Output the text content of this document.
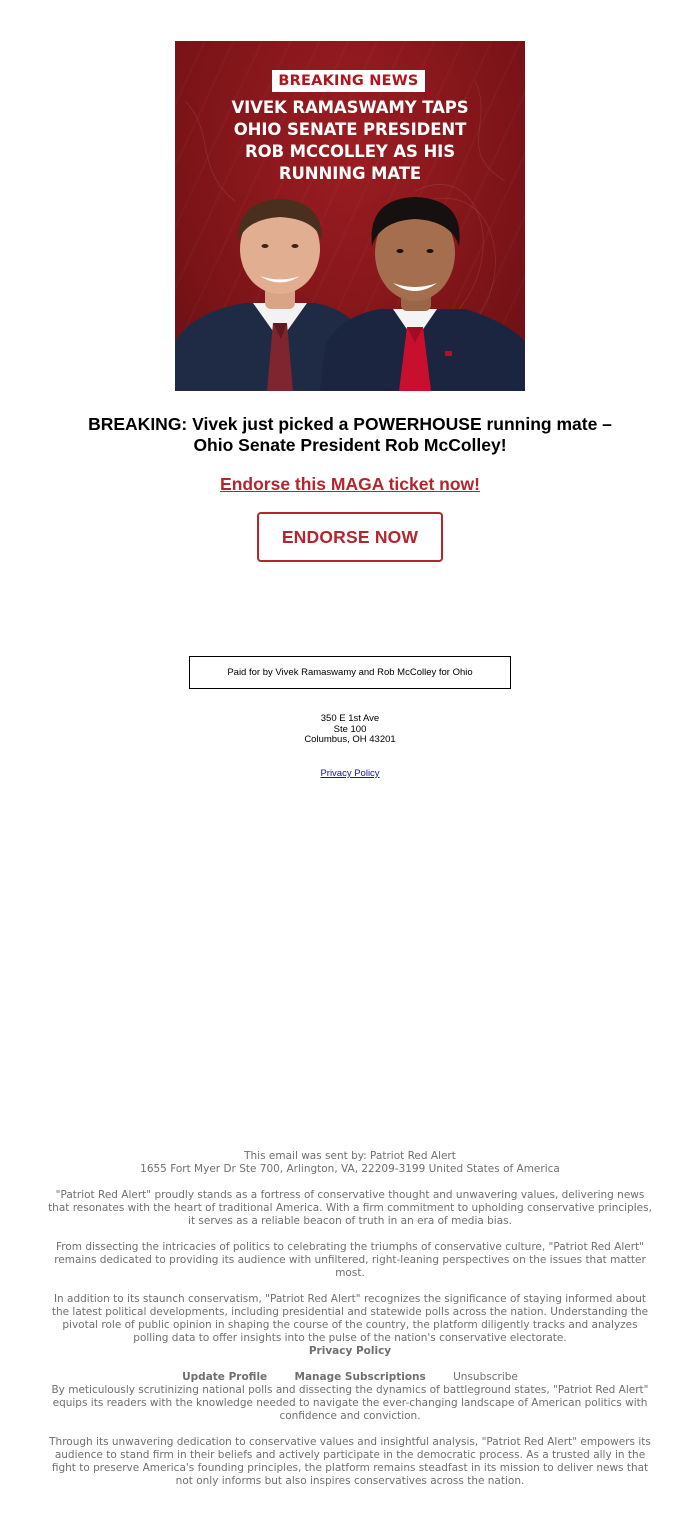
BREAKING NEWS
VIVEK RAMASWAMY TAPS
OHIO SENATE PRESIDENT
ROB MCCOLLEY AS HIS
RUNNING MATE

BREAKING: Vivek just picked a POWERHOUSE running mate –
Ohio Senate President Rob McColley!

Endorse this MAGA ticket now!
ENDORSE NOW
Paid for by Vivek Ramaswamy and Rob McColley for Ohio
350 E 1st Ave
Ste 100
Columbus, OH 43201
Privacy Policy

This email was sent by: Patriot Red Alert

1655 Fort Myer Dr Ste 700, Arlington, VA, 22209-3199 United States of America

"Patriot Red Alert" proudly stands as a fortress of conservative thought and unwavering values, delivering news that resonates with the heart of traditional America. With a firm commitment to upholding conservative principles, it serves as a reliable beacon of truth in an era of media bias.

From dissecting the intricacies of politics to celebrating the triumphs of conservative culture, "Patriot Red Alert" remains dedicated to providing its audience with unfiltered, right-leaning perspectives on the issues that matter most.

In addition to its staunch conservatism, "Patriot Red Alert" recognizes the significance of staying informed about the latest political developments, including presidential and statewide polls across the nation. Understanding the pivotal role of public opinion in shaping the course of the country, the platform diligently tracks and analyzes polling data to offer insights into the pulse of the nation's conservative electorate.

Privacy Policy

Update Profile	Manage Subscriptions	Unsubscribe

By meticulously scrutinizing national polls and dissecting the dynamics of battleground states, "Patriot Red Alert" equips its readers with the knowledge needed to navigate the ever-changing landscape of American politics with confidence and conviction.

Through its unwavering dedication to conservative values and insightful analysis, "Patriot Red Alert" empowers its audience to stand firm in their beliefs and actively participate in the democratic process. As a trusted ally in the fight to preserve America's founding principles, the platform remains steadfast in its mission to deliver news that not only informs but also inspires conservatives across the nation.
